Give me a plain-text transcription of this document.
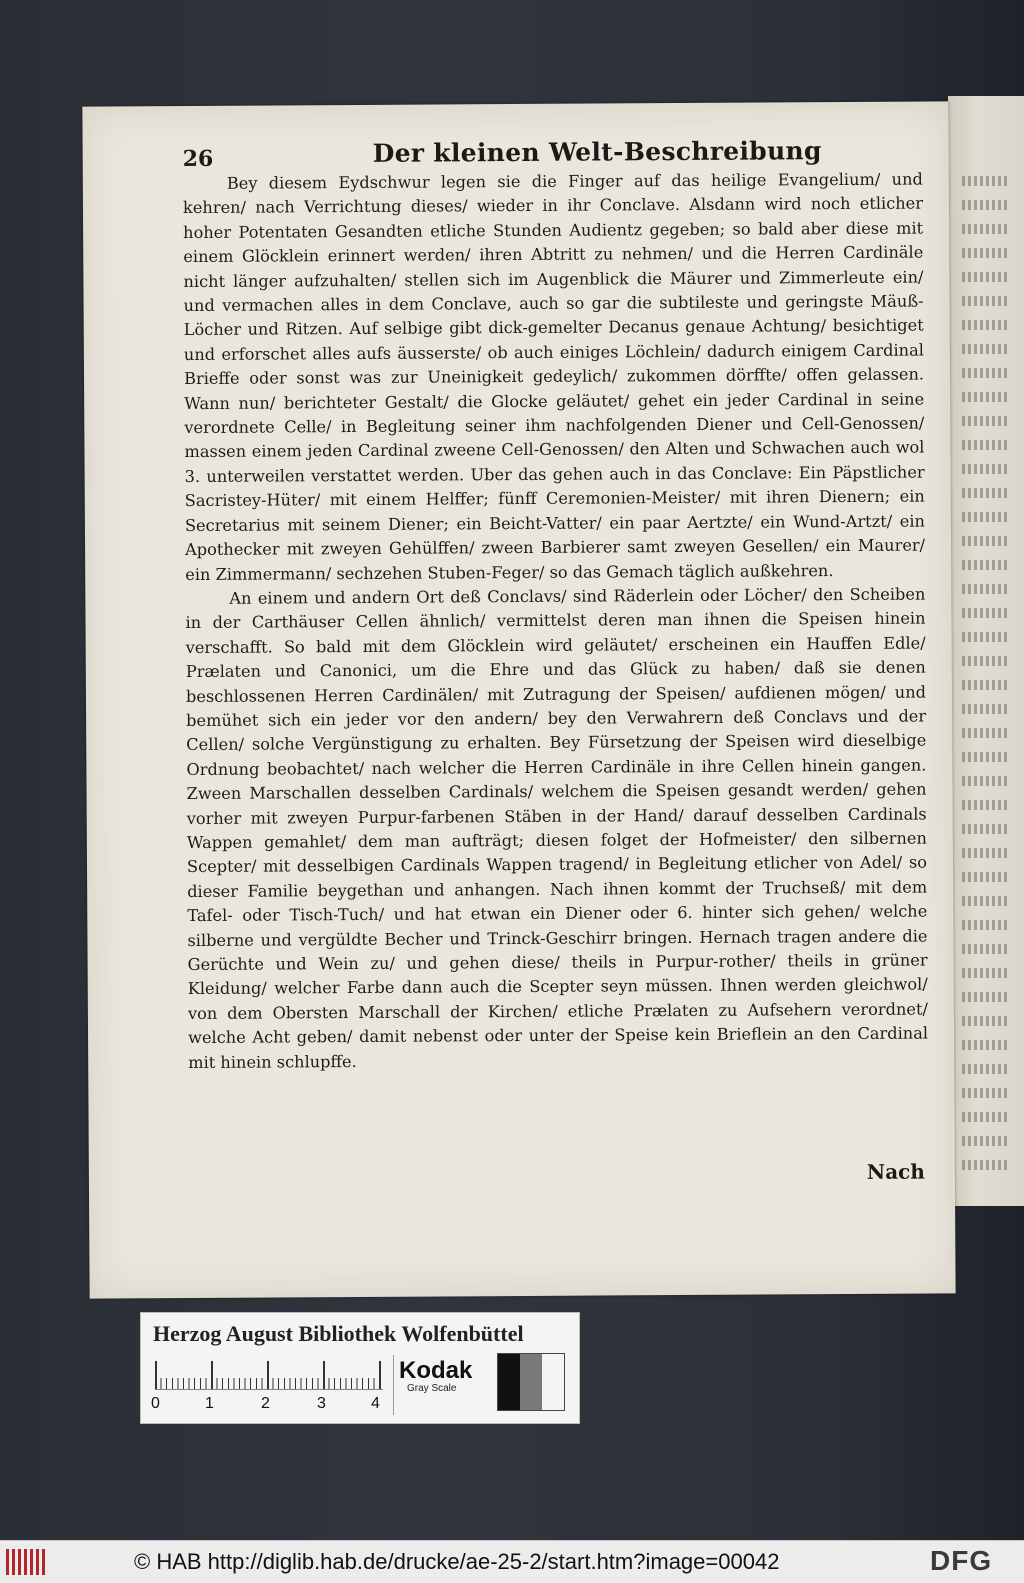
26	Der kleinen Welt-Beschreibung

Bey diesem Eydschwur legen sie die Finger auf das heilige Evangelium/ und kehren/ nach Verrichtung dieses/ wieder in ihr Conclave. Alsdann wird noch etlicher hoher Potentaten Gesandten etliche Stunden Audientz gegeben; so bald aber diese mit einem Glöcklein erinnert werden/ ihren Abtritt zu nehmen/ und die Herren Cardinäle nicht länger aufzuhalten/ stellen sich im Augenblick die Mäurer und Zimmerleute ein/ und vermachen alles in dem Conclave, auch so gar die subtileste und geringste Mäuß-Löcher und Ritzen. Auf selbige gibt dick-gemelter Decanus genaue Achtung/ besichtiget und erforschet alles aufs äusserste/ ob auch einiges Löchlein/ dadurch einigem Cardinal Brieffe oder sonst was zur Uneinigkeit gedeylich/ zukommen dörffte/ offen gelassen. Wann nun/ berichteter Gestalt/ die Glocke geläutet/ gehet ein jeder Cardinal in seine verordnete Celle/ in Begleitung seiner ihm nachfolgenden Diener und Cell-Genossen/ massen einem jeden Cardinal zweene Cell-Genossen/ den Alten und Schwachen auch wol 3. unterweilen verstattet werden. Uber das gehen auch in das Conclave: Ein Päpstlicher Sacristey-Hüter/ mit einem Helffer; fünff Ceremonien-Meister/ mit ihren Dienern; ein Secretarius mit seinem Diener; ein Beicht-Vatter/ ein paar Aertzte/ ein Wund-Artzt/ ein Apothecker mit zweyen Gehülffen/ zween Barbierer samt zweyen Gesellen/ ein Maurer/ ein Zimmermann/ sechzehen Stuben-Feger/ so das Gemach täglich außkehren.

An einem und andern Ort deß Conclavs/ sind Räderlein oder Löcher/ den Scheiben in der Carthäuser Cellen ähnlich/ vermittelst deren man ihnen die Speisen hinein verschafft. So bald mit dem Glöcklein wird geläutet/ erscheinen ein Hauffen Edle/ Prælaten und Canonici, um die Ehre und das Glück zu haben/ daß sie denen beschlossenen Herren Cardinälen/ mit Zutragung der Speisen/ aufdienen mögen/ und bemühet sich ein jeder vor den andern/ bey den Verwahrern deß Conclavs und der Cellen/ solche Vergünstigung zu erhalten. Bey Fürsetzung der Speisen wird dieselbige Ordnung beobachtet/ nach welcher die Herren Cardinäle in ihre Cellen hinein gangen. Zween Marschallen desselben Cardinals/ welchem die Speisen gesandt werden/ gehen vorher mit zweyen Purpur-farbenen Stäben in der Hand/ darauf desselben Cardinals Wappen gemahlet/ dem man aufträgt; diesen folget der Hofmeister/ den silbernen Scepter/ mit desselbigen Cardinals Wappen tragend/ in Begleitung etlicher von Adel/ so dieser Familie beygethan und anhangen. Nach ihnen kommt der Truchseß/ mit dem Tafel- oder Tisch-Tuch/ und hat etwan ein Diener oder 6. hinter sich gehen/ welche silberne und vergüldte Becher und Trinck-Geschirr bringen. Hernach tragen andere die Gerüchte und Wein zu/ und gehen diese/ theils in Purpur-rother/ theils in grüner Kleidung/ welcher Farbe dann auch die Scepter seyn müssen. Ihnen werden gleichwol/ von dem Obersten Marschall der Kirchen/ etliche Prælaten zu Aufsehern verordnet/ welche Acht geben/ damit nebenst oder unter der Speise kein Brieflein an den Cardinal mit hinein schlupffe.

Nach
Herzog August Bibliothek Wolfenbüttel
0	1	2	3	4
Kodak
Gray Scale
© HAB http://diglib.hab.de/drucke/ae-25-2/start.htm?image=00042	DFG
